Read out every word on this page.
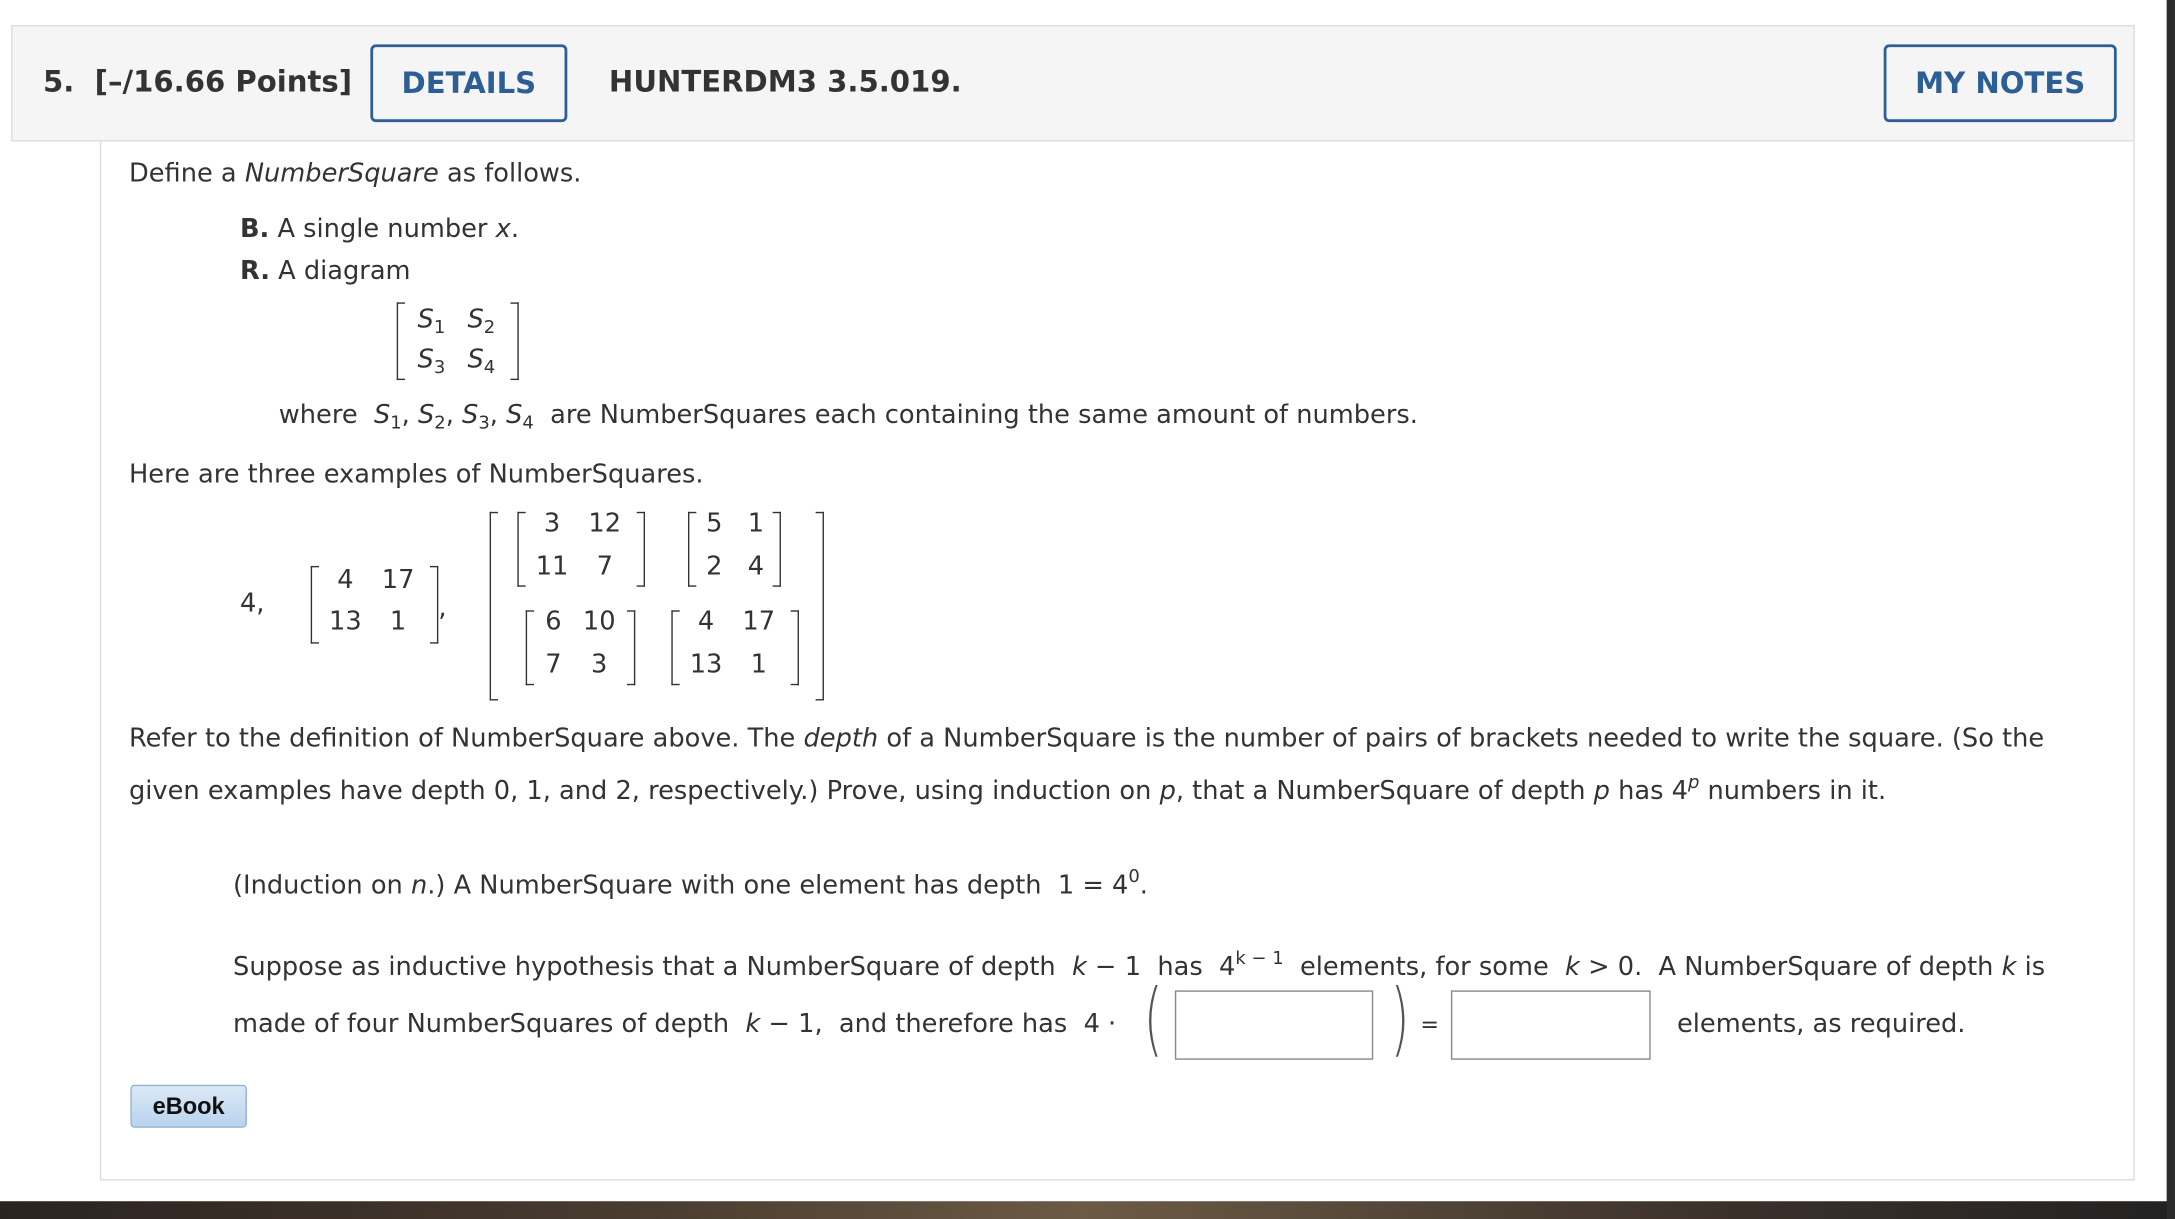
5. [–/16.66 Points]	DETAILS	HUNTERDM3 3.5.019.	MY NOTES
Define a NumberSquare as follows.
B. A single number x.
R. A diagram
$S_1$	$S_2$
$S_3$	$S_4$
where  $S_1$, $S_2$, $S_3$, $S_4$  are NumberSquares each containing the same amount of numbers.
Here are three examples of NumberSquares.
4,
4	17
13	1	,
3	12
11	7
5	1
2	4
6	10
7	3
4	17
13	1
Refer to the definition of NumberSquare above. The depth of a NumberSquare is the number of pairs of brackets needed to write the square. (So the
given examples have depth 0, 1, and 2, respectively.) Prove, using induction on p, that a NumberSquare of depth p has 4$^p$ numbers in it.
(Induction on n.) A NumberSquare with one element has depth  $1 = 4^0$.
Suppose as inductive hypothesis that a NumberSquare of depth  k − 1  has  $4^{k - 1}$  elements, for some  k > 0.  A NumberSquare of depth k is
made of four NumberSquares of depth  k − 1,  and therefore has  4 · (	) =	elements, as required.
eBook
